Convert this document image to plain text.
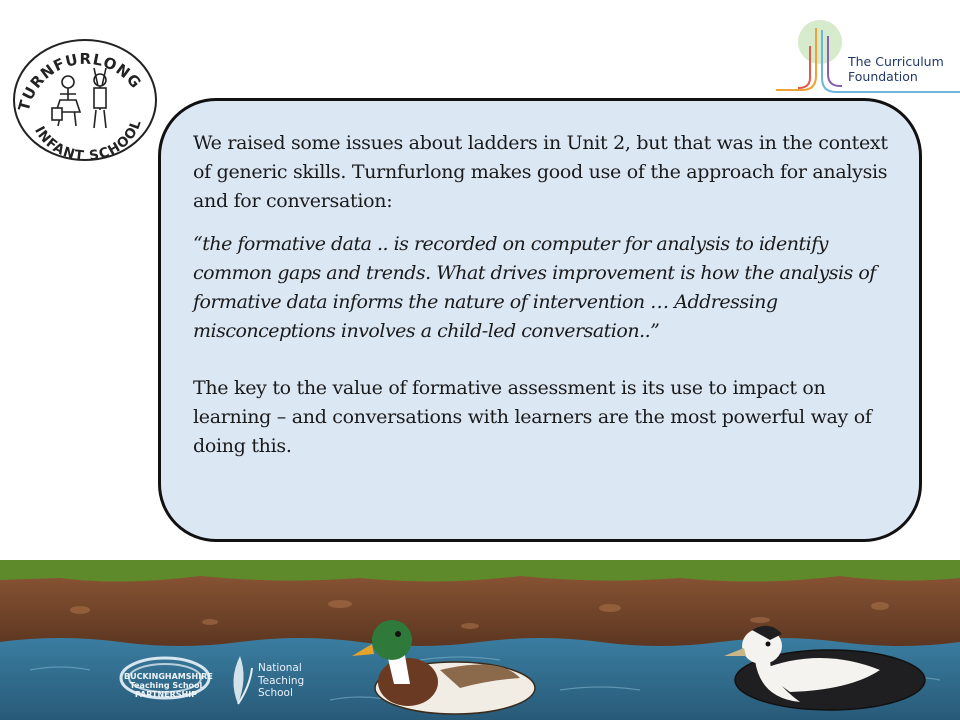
TURNFURLONG
INFANT SCHOOL
The Curriculum
Foundation

We raised some issues about ladders in Unit 2, but that was in the context of generic skills. Turnfurlong makes good use of the approach for analysis and for conversation:

“the formative data .. is recorded on computer for analysis to identify common gaps and trends. What drives improvement is how the analysis of formative data informs the nature of intervention … Addressing misconceptions involves a child-led conversation..”

The key to the value of formative assessment is its use to impact on learning – and conversations with learners are the most powerful way of doing this.

BUCKINGHAMSHIRE
Teaching School
PARTNERSHIP
National
Teaching
School
